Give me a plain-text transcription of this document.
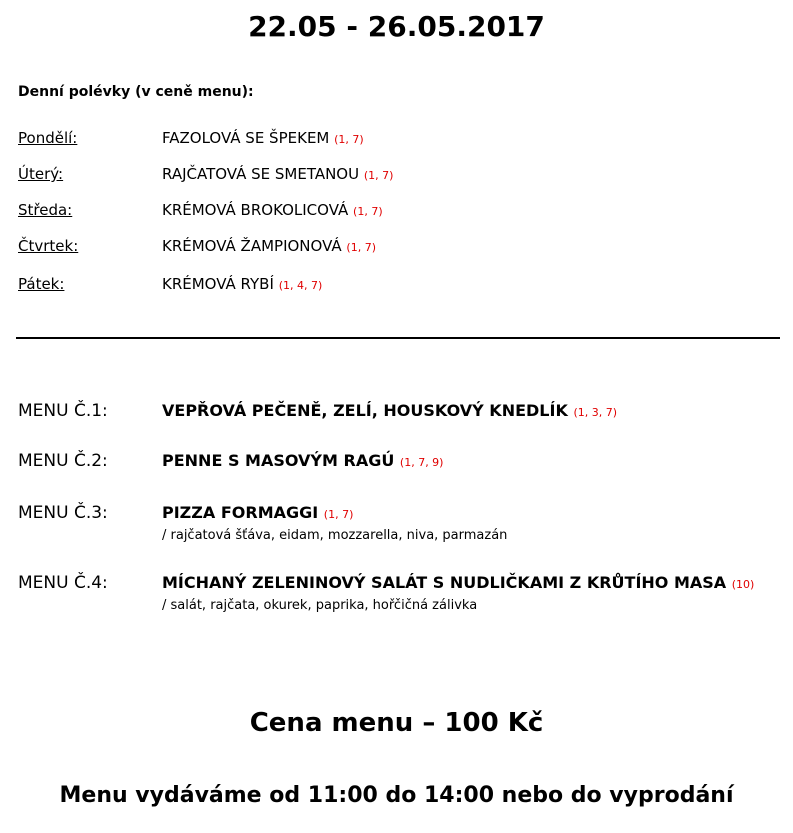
22.05 - 26.05.2017
Denní polévky (v ceně menu):
Pondělí:	FAZOLOVÁ SE ŠPEKEM (1, 7)
Úterý:	RAJČATOVÁ SE SMETANOU (1, 7)
Středa:	KRÉMOVÁ BROKOLICOVÁ (1, 7)
Čtvrtek:	KRÉMOVÁ ŽAMPIONOVÁ (1, 7)
Pátek:	KRÉMOVÁ RYBÍ (1, 4, 7)
MENU Č.1:	VEPŘOVÁ PEČENĚ, ZELÍ, HOUSKOVÝ KNEDLÍK (1, 3, 7)
MENU Č.2:	PENNE S MASOVÝM RAGÚ (1, 7, 9)
MENU Č.3:	PIZZA FORMAGGI (1, 7)
/ rajčatová šťáva, eidam, mozzarella, niva, parmazán
MENU Č.4:	MÍCHANÝ ZELENINOVÝ SALÁT S NUDLIČKAMI Z KRŮTÍHO MASA (10)
/ salát, rajčata, okurek, paprika, hořčičná zálivka
Cena menu – 100 Kč
Menu vydáváme od 11:00 do 14:00 nebo do vyprodání
